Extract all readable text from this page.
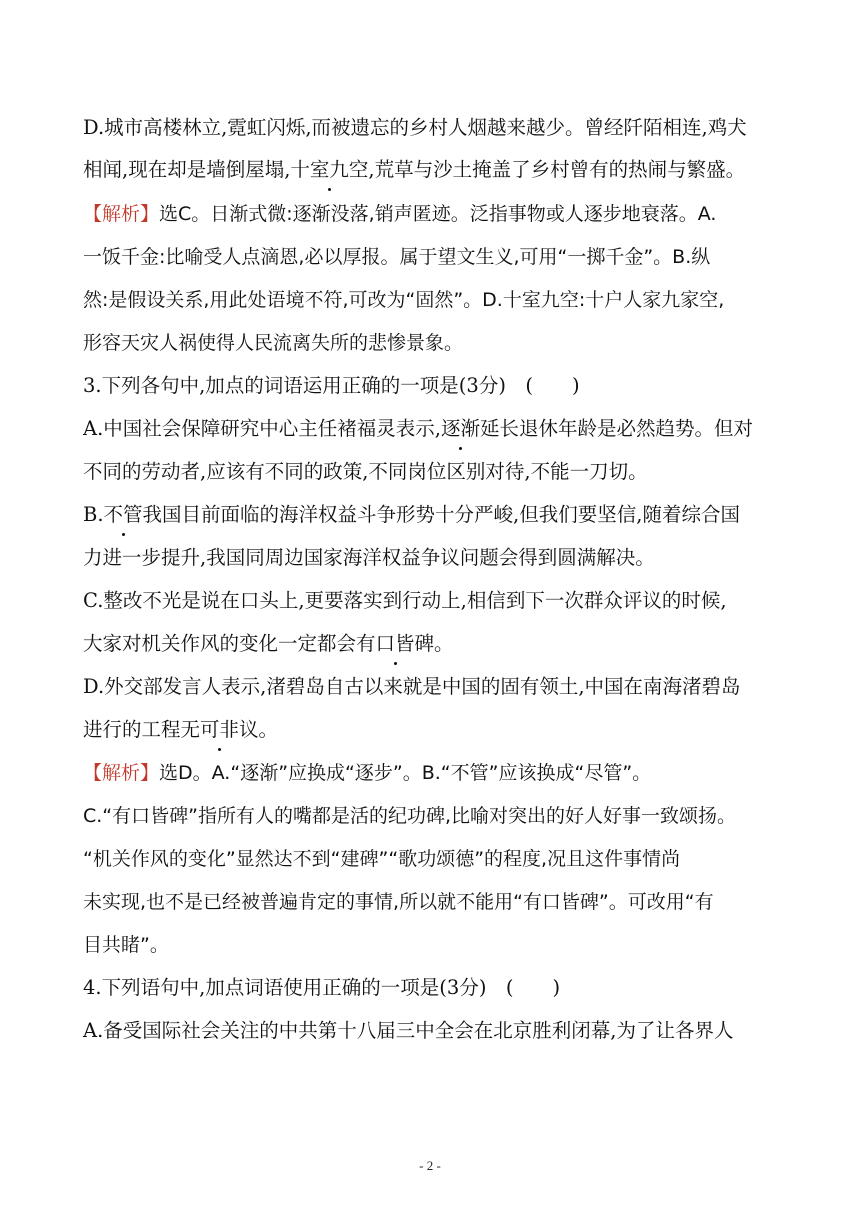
D.城市高楼林立,霓虹闪烁,而被遗忘的乡村人烟越来越少。曾经阡陌相连,鸡犬
相闻,现在却是墙倒屋塌,十室九空,荒草与沙土掩盖了乡村曾有的热闹与繁盛。
【解析】选C。日渐式微:逐渐没落,销声匿迹。泛指事物或人逐步地衰落。A.
一饭千金:比喻受人点滴恩,必以厚报。属于望文生义,可用“一掷千金”。B.纵
然:是假设关系,用此处语境不符,可改为“固然”。D.十室九空:十户人家九家空,
形容天灾人祸使得人民流离失所的悲惨景象。
3.下列各句中,加点的词语运用正确的一项是(3分)　(　　)
A.中国社会保障研究中心主任褚福灵表示,逐渐延长退休年龄是必然趋势。但对
不同的劳动者,应该有不同的政策,不同岗位区别对待,不能一刀切。
B.不管我国目前面临的海洋权益斗争形势十分严峻,但我们要坚信,随着综合国
力进一步提升,我国同周边国家海洋权益争议问题会得到圆满解决。
C.整改不光是说在口头上,更要落实到行动上,相信到下一次群众评议的时候,
大家对机关作风的变化一定都会有口皆碑。
D.外交部发言人表示,渚碧岛自古以来就是中国的固有领土,中国在南海渚碧岛
进行的工程无可非议。
【解析】选D。A.“逐渐”应换成“逐步”。B.“不管”应该换成“尽管”。
C.“有口皆碑”指所有人的嘴都是活的纪功碑,比喻对突出的好人好事一致颂扬。
“机关作风的变化”显然达不到“建碑”“歌功颂德”的程度,况且这件事情尚
未实现,也不是已经被普遍肯定的事情,所以就不能用“有口皆碑”。可改用“有
目共睹”。
4.下列语句中,加点词语使用正确的一项是(3分)　(　　)
A.备受国际社会关注的中共第十八届三中全会在北京胜利闭幕,为了让各界人
- 2 -
